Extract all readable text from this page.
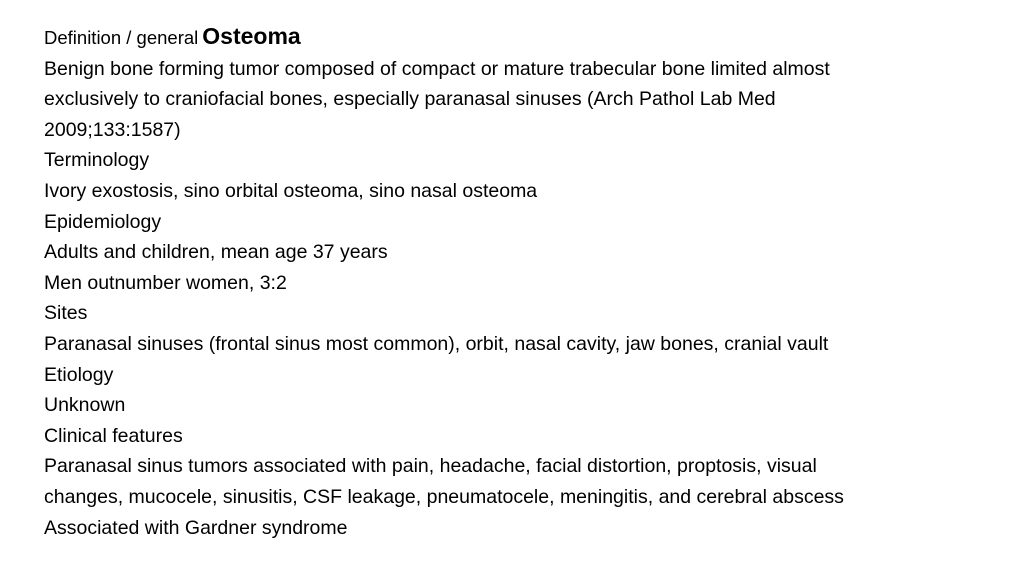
Definition / general Osteoma

Benign bone forming tumor composed of compact or mature trabecular bone limited almost

exclusively to craniofacial bones, especially paranasal sinuses (Arch Pathol Lab Med

2009;133:1587)

Terminology

Ivory exostosis, sino orbital osteoma, sino nasal osteoma

Epidemiology

Adults and children, mean age 37 years

Men outnumber women, 3:2

Sites

Paranasal sinuses (frontal sinus most common), orbit, nasal cavity, jaw bones, cranial vault

Etiology

Unknown

Clinical features

Paranasal sinus tumors associated with pain, headache, facial distortion, proptosis, visual

changes, mucocele, sinusitis, CSF leakage, pneumatocele, meningitis, and cerebral abscess

Associated with Gardner syndrome
